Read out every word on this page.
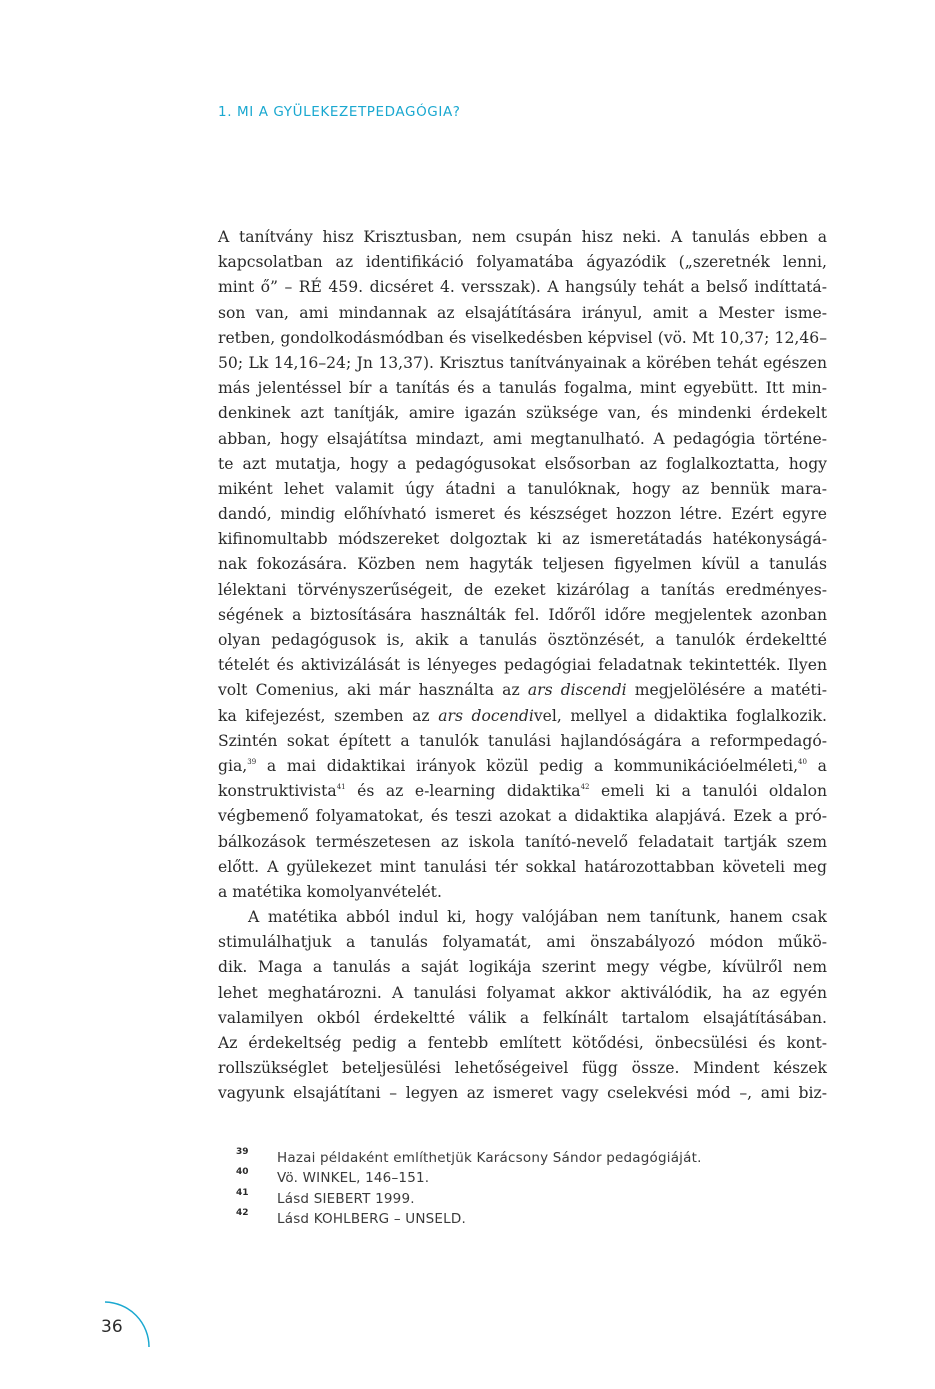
1. MI A GYÜLEKEZETPEDAGÓGIA?
A tanítvány hisz Krisztusban, nem csupán hisz neki. A tanulás ebben a
kapcsolatban az identifikáció folyamatába ágyazódik („szeretnék lenni,
mint ő” – RÉ 459. dicséret 4. versszak). A hangsúly tehát a belső indíttatá-
son van, ami mindannak az elsajátítására irányul, amit a Mester isme-
retben, gondolkodásmódban és viselkedésben képvisel (vö. Mt 10,37; 12,46–
50; Lk 14,16–24; Jn 13,37). Krisztus tanítványainak a körében tehát egészen
más jelentéssel bír a tanítás és a tanulás fogalma, mint egyebütt. Itt min-
denkinek azt tanítják, amire igazán szüksége van, és mindenki érdekelt
abban, hogy elsajátítsa mindazt, ami megtanulható. A pedagógia történe-
te azt mutatja, hogy a pedagógusokat elsősorban az foglalkoztatta, hogy
miként lehet valamit úgy átadni a tanulóknak, hogy az bennük mara-
dandó, mindig előhívható ismeret és készséget hozzon létre. Ezért egyre
kifinomultabb módszereket dolgoztak ki az ismeretátadás hatékonyságá-
nak fokozására. Közben nem hagyták teljesen figyelmen kívül a tanulás
lélektani törvényszerűségeit, de ezeket kizárólag a tanítás eredményes-
ségének a biztosítására használták fel. Időről időre megjelentek azonban
olyan pedagógusok is, akik a tanulás ösztönzését, a tanulók érdekeltté
tételét és aktivizálását is lényeges pedagógiai feladatnak tekintették. Ilyen
volt Comenius, aki már használta az ars discendi megjelölésére a matéti-
ka kifejezést, szemben az ars docendivel, mellyel a didaktika foglalkozik.
Szintén sokat épített a tanulók tanulási hajlandóságára a reformpedagó-
gia,$^{39}$ a mai didaktikai irányok közül pedig a kommunikációelméleti,$^{40}$ a
konstruktivista$^{41}$ és az e-learning didaktika$^{42}$ emeli ki a tanulói oldalon
végbemenő folyamatokat, és teszi azokat a didaktika alapjává. Ezek a pró-
bálkozások természetesen az iskola tanító-nevelő feladatait tartják szem
előtt. A gyülekezet mint tanulási tér sokkal határozottabban követeli meg
a matétika komolyanvételét.
A matétika abból indul ki, hogy valójában nem tanítunk, hanem csak
stimulálhatjuk a tanulás folyamatát, ami önszabályozó módon műkö-
dik. Maga a tanulás a saját logikája szerint megy végbe, kívülről nem
lehet meghatározni. A tanulási folyamat akkor aktiválódik, ha az egyén
valamilyen okból érdekeltté válik a felkínált tartalom elsajátításában.
Az érdekeltség pedig a fentebb említett kötődési, önbecsülési és kont-
rollszükséglet beteljesülési lehetőségeivel függ össze. Mindent készek
vagyunk elsajátítani – legyen az ismeret vagy cselekvési mód –, ami biz-
39 Hazai példaként említhetjük Karácsony Sándor pedagógiáját.
40 Vö. WINKEL, 146–151.
41 Lásd SIEBERT 1999.
42 Lásd KOHLBERG – UNSELD.
36
